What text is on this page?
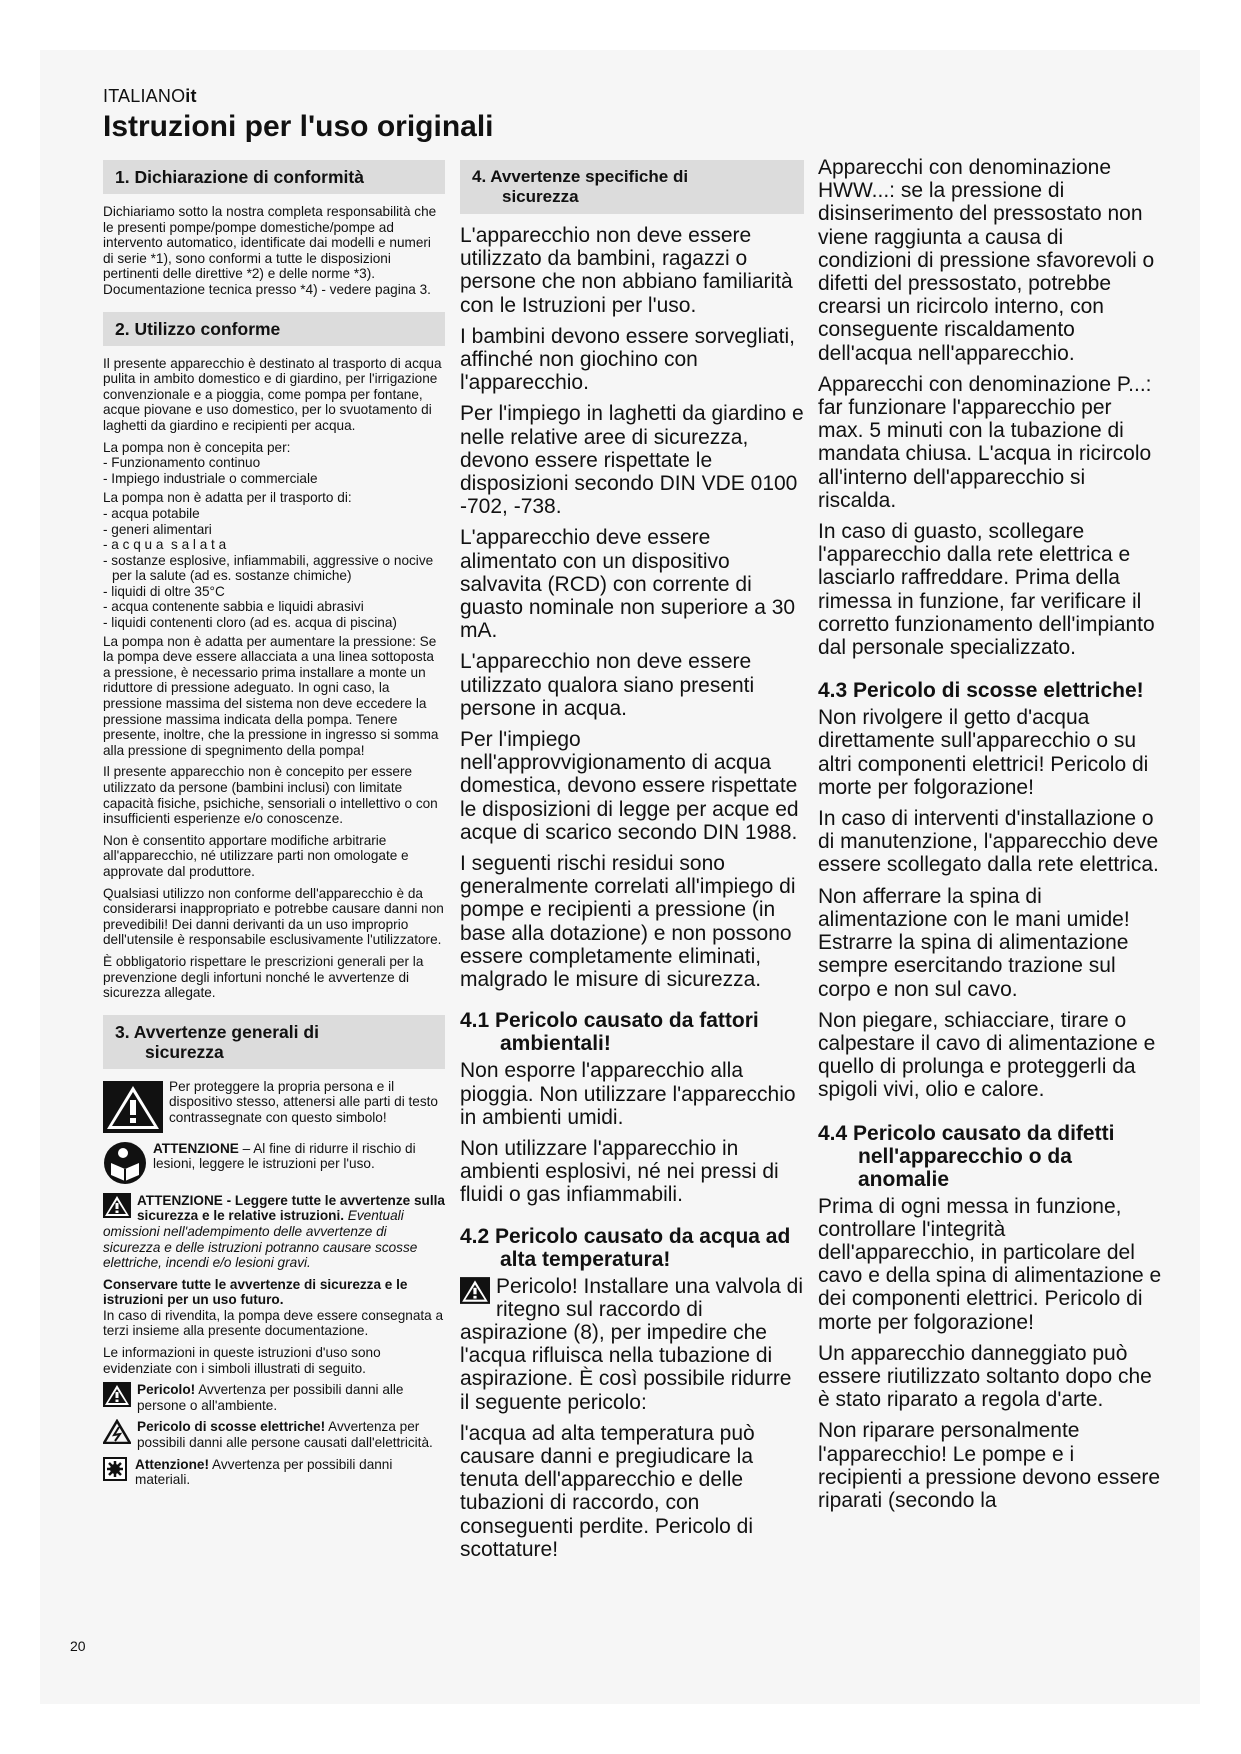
ITALIANOit
Istruzioni per l'uso originali
1. Dichiarazione di conformità

Dichiariamo sotto la nostra completa responsabilità che le presenti pompe/pompe domestiche/pompe ad intervento automatico, identificate dai modelli e numeri di serie *1), sono conformi a tutte le disposizioni pertinenti delle direttive *2) e delle norme *3). Documentazione tecnica presso *4) - vedere pagina 3.

2. Utilizzo conforme

Il presente apparecchio è destinato al trasporto di acqua pulita in ambito domestico e di giardino, per l'irrigazione convenzionale e a pioggia, come pompa per fontane, acque piovane e uso domestico, per lo svuotamento di laghetti da giardino e recipienti per acqua.

La pompa non è concepita per:
- Funzionamento continuo
- Impiego industriale o commerciale
La pompa non è adatta per il trasporto di:
- acqua potabile
- generi alimentari
- a c q u a  s a l a t a
- sostanze esplosive, infiammabili, aggressive o nocive per la salute (ad es. sostanze chimiche)
- liquidi di oltre 35°C
- acqua contenente sabbia e liquidi abrasivi
- liquidi contenenti cloro (ad es. acqua di piscina)

La pompa non è adatta per aumentare la pressione: Se la pompa deve essere allacciata a una linea sottoposta a pressione, è necessario prima installare a monte un riduttore di pressione adeguato. In ogni caso, la pressione massima del sistema non deve eccedere la pressione massima indicata della pompa. Tenere presente, inoltre, che la pressione in ingresso si somma alla pressione di spegnimento della pompa!

Il presente apparecchio non è concepito per essere utilizzato da persone (bambini inclusi) con limitate capacità fisiche, psichiche, sensoriali o intellettivo o con insufficienti esperienze e/o conoscenze.

Non è consentito apportare modifiche arbitrarie all'apparecchio, né utilizzare parti non omologate e approvate dal produttore.

Qualsiasi utilizzo non conforme dell'apparecchio è da considerarsi inappropriato e potrebbe causare danni non prevedibili! Dei danni derivanti da un uso improprio dell'utensile è responsabile esclusivamente l'utilizzatore.

È obbligatorio rispettare le prescrizioni generali per la prevenzione degli infortuni nonché le avvertenze di sicurezza allegate.

3. Avvertenze generali di
sicurezza
Per proteggere la propria persona e il dispositivo stesso, attenersi alle parti di testo contrassegnate con questo simbolo!
ATTENZIONE – Al fine di ridurre il rischio di lesioni, leggere le istruzioni per l'uso.
ATTENZIONE - Leggere tutte le avvertenze sulla sicurezza e le relative istruzioni. Eventuali omissioni nell'adempimento delle avvertenze di sicurezza e delle istruzioni potranno causare scosse elettriche, incendi e/o lesioni gravi.

Conservare tutte le avvertenze di sicurezza e le istruzioni per un uso futuro.
In caso di rivendita, la pompa deve essere consegnata a terzi insieme alla presente documentazione.

Le informazioni in queste istruzioni d'uso sono evidenziate con i simboli illustrati di seguito.

Pericolo! Avvertenza per possibili danni alle persone o all'ambiente.
Pericolo di scosse elettriche! Avvertenza per possibili danni alle persone causati dall'elettricità.
Attenzione! Avvertenza per possibili danni materiali.
4. Avvertenze specifiche di
sicurezza

L'apparecchio non deve essere utilizzato da bambini, ragazzi o persone che non abbiano familiarità con le Istruzioni per l'uso.

I bambini devono essere sorvegliati, affinché non giochino con l'apparecchio.

Per l'impiego in laghetti da giardino e nelle relative aree di sicurezza, devono essere rispettate le disposizioni secondo DIN VDE 0100 -702, -738.

L'apparecchio deve essere alimentato con un dispositivo salvavita (RCD) con corrente di guasto nominale non superiore a 30 mA.

L'apparecchio non deve essere utilizzato qualora siano presenti persone in acqua.

Per l'impiego nell'approvvigionamento di acqua domestica, devono essere rispettate le disposizioni di legge per acque ed acque di scarico secondo DIN 1988.

I seguenti rischi residui sono generalmente correlati all'impiego di pompe e recipienti a pressione (in base alla dotazione) e non possono essere completamente eliminati, malgrado le misure di sicurezza.

4.1 Pericolo causato da fattori ambientali!

Non esporre l'apparecchio alla pioggia. Non utilizzare l'apparecchio in ambienti umidi.

Non utilizzare l'apparecchio in ambienti esplosivi, né nei pressi di fluidi o gas infiammabili.

4.2 Pericolo causato da acqua ad alta temperatura!

Pericolo! Installare una valvola di ritegno sul raccordo di aspirazione (8), per impedire che l'acqua rifluisca nella tubazione di aspirazione. È così possibile ridurre il seguente pericolo:

l'acqua ad alta temperatura può causare danni e pregiudicare la tenuta dell'apparecchio e delle tubazioni di raccordo, con conseguenti perdite. Pericolo di scottature!

Apparecchi con denominazione HWW...: se la pressione di disinserimento del pressostato non viene raggiunta a causa di condizioni di pressione sfavorevoli o difetti del pressostato, potrebbe crearsi un ricircolo interno, con conseguente riscaldamento dell'acqua nell'apparecchio.

Apparecchi con denominazione P...: far funzionare l'apparecchio per max. 5 minuti con la tubazione di mandata chiusa. L'acqua in ricircolo all'interno dell'apparecchio si riscalda.

In caso di guasto, scollegare l'apparecchio dalla rete elettrica e lasciarlo raffreddare. Prima della rimessa in funzione, far verificare il corretto funzionamento dell'impianto dal personale specializzato.

4.3 Pericolo di scosse elettriche!

Non rivolgere il getto d'acqua direttamente sull'apparecchio o su altri componenti elettrici! Pericolo di morte per folgorazione!

In caso di interventi d'installazione o di manutenzione, l'apparecchio deve essere scollegato dalla rete elettrica.

Non afferrare la spina di alimentazione con le mani umide! Estrarre la spina di alimentazione sempre esercitando trazione sul corpo e non sul cavo.

Non piegare, schiacciare, tirare o calpestare il cavo di alimentazione e quello di prolunga e proteggerli da spigoli vivi, olio e calore.

4.4 Pericolo causato da difetti nell'apparecchio o da anomalie

Prima di ogni messa in funzione, controllare l'integrità dell'apparecchio, in particolare del cavo e della spina di alimentazione e dei componenti elettrici. Pericolo di morte per folgorazione!

Un apparecchio danneggiato può essere riutilizzato soltanto dopo che è stato riparato a regola d'arte.

Non riparare personalmente l'apparecchio! Le pompe e i recipienti a pressione devono essere riparati (secondo la

20
